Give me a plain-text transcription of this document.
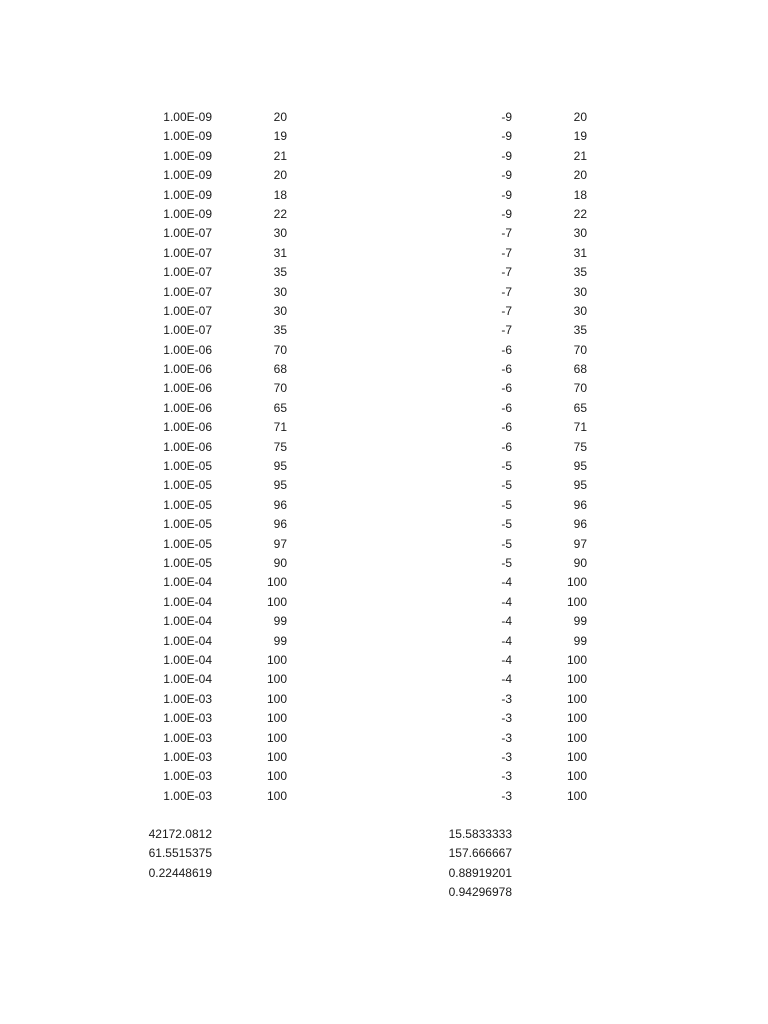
1.00E-09
1.00E-09
1.00E-09
1.00E-09
1.00E-09
1.00E-09
1.00E-07
1.00E-07
1.00E-07
1.00E-07
1.00E-07
1.00E-07
1.00E-06
1.00E-06
1.00E-06
1.00E-06
1.00E-06
1.00E-06
1.00E-05
1.00E-05
1.00E-05
1.00E-05
1.00E-05
1.00E-05
1.00E-04
1.00E-04
1.00E-04
1.00E-04
1.00E-04
1.00E-04
1.00E-03
1.00E-03
1.00E-03
1.00E-03
1.00E-03
1.00E-03
20
19
21
20
18
22
30
31
35
30
30
35
70
68
70
65
71
75
95
95
96
96
97
90
100
100
99
99
100
100
100
100
100
100
100
100
-9
-9
-9
-9
-9
-9
-7
-7
-7
-7
-7
-7
-6
-6
-6
-6
-6
-6
-5
-5
-5
-5
-5
-5
-4
-4
-4
-4
-4
-4
-3
-3
-3
-3
-3
-3
20
19
21
20
18
22
30
31
35
30
30
35
70
68
70
65
71
75
95
95
96
96
97
90
100
100
99
99
100
100
100
100
100
100
100
100
42172.0812
61.5515375
0.22448619
15.5833333
157.666667
0.88919201
0.94296978
